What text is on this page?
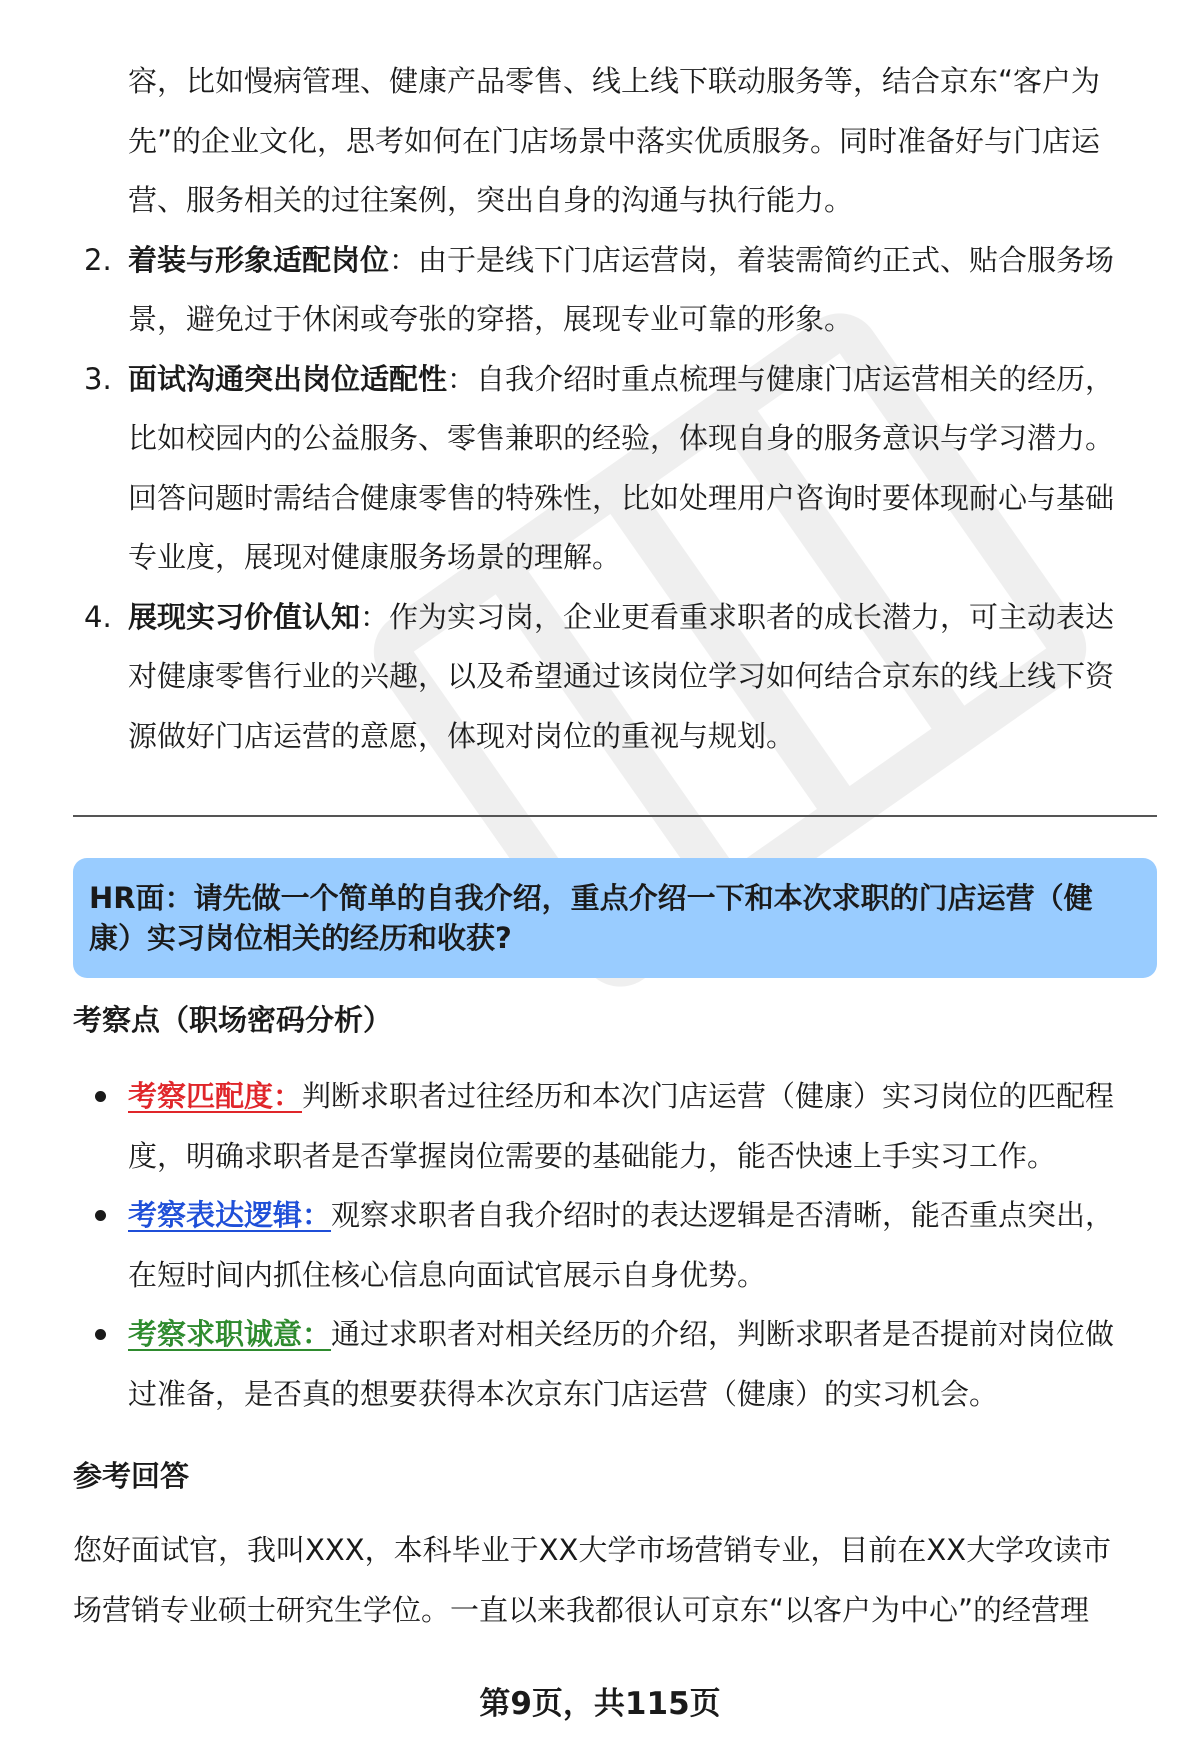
容，比如慢病管理、健康产品零售、线上线下联动服务等，结合京东“客户为

先”的企业文化，思考如何在门店场景中落实优质服务。同时准备好与门店运

营、服务相关的过往案例，突出自身的沟通与执行能力。

2. 着装与形象适配岗位：由于是线下门店运营岗，着装需简约正式、贴合服务场

景，避免过于休闲或夸张的穿搭，展现专业可靠的形象。

3. 面试沟通突出岗位适配性：自我介绍时重点梳理与健康门店运营相关的经历，

比如校园内的公益服务、零售兼职的经验，体现自身的服务意识与学习潜力。

回答问题时需结合健康零售的特殊性，比如处理用户咨询时要体现耐心与基础

专业度，展现对健康服务场景的理解。

4. 展现实习价值认知：作为实习岗，企业更看重求职者的成长潜力，可主动表达

对健康零售行业的兴趣，以及希望通过该岗位学习如何结合京东的线上线下资

源做好门店运营的意愿，体现对岗位的重视与规划。

HR面：请先做一个简单的自我介绍，重点介绍一下和本次求职的门店运营（健
康）实习岗位相关的经历和收获?
考察点（职场密码分析）
考察匹配度：判断求职者过往经历和本次门店运营（健康）实习岗位的匹配程
度，明确求职者是否掌握岗位需要的基础能力，能否快速上手实习工作。
考察表达逻辑：观察求职者自我介绍时的表达逻辑是否清晰，能否重点突出，
在短时间内抓住核心信息向面试官展示自身优势。
考察求职诚意：通过求职者对相关经历的介绍，判断求职者是否提前对岗位做
过准备，是否真的想要获得本次京东门店运营（健康）的实习机会。
参考回答
您好面试官，我叫XXX，本科毕业于XX大学市场营销专业，目前在XX大学攻读市
场营销专业硕士研究生学位。一直以来我都很认可京东“以客户为中心”的经营理
第9页，共115页
